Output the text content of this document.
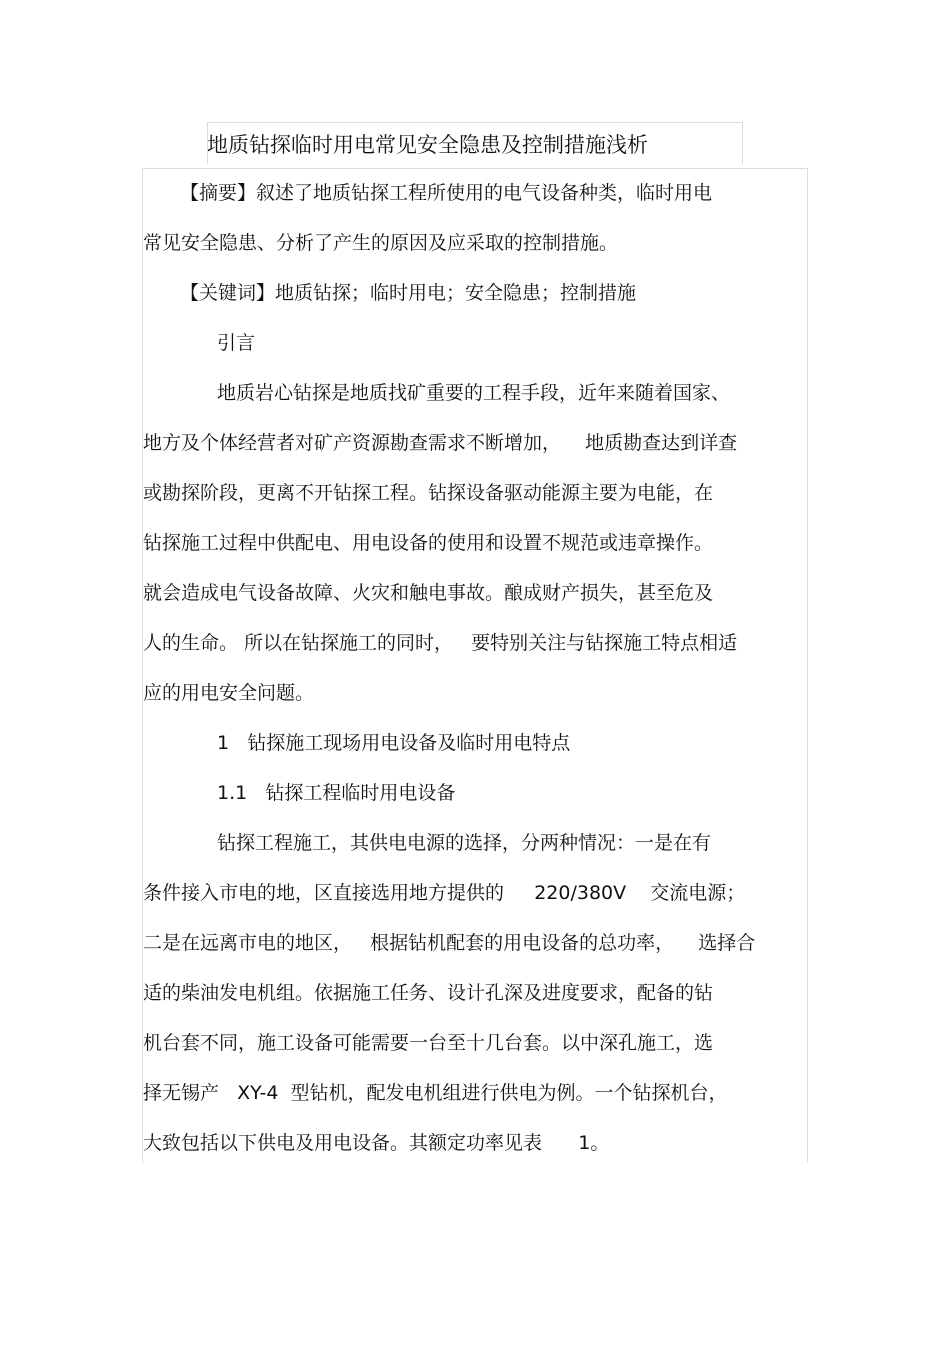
地质钻探临时用电常见安全隐患及控制措施浅析
【摘要】叙述了地质钻探工程所使用的电气设备种类，临时用电
常见安全隐患、分析了产生的原因及应采取的控制措施。
【关键词】地质钻探；临时用电；安全隐患；控制措施
引言
地质岩心钻探是地质找矿重要的工程手段，近年来随着国家、
地方及个体经营者对矿产资源勘查需求不断增加，    地质勘查达到详查
或勘探阶段，更离不开钻探工程。钻探设备驱动能源主要为电能，在
钻探施工过程中供配电、用电设备的使用和设置不规范或违章操作。
就会造成电气设备故障、火灾和触电事故。酿成财产损失，甚至危及
人的生命。 所以在钻探施工的同时，   要特别关注与钻探施工特点相适
应的用电安全问题。
1   钻探施工现场用电设备及临时用电特点
1.1   钻探工程临时用电设备
钻探工程施工，其供电电源的选择，分两种情况：一是在有
条件接入市电的地，区直接选用地方提供的     220/380V    交流电源；
二是在远离市电的地区，   根据钻机配套的用电设备的总功率，    选择合
适的柴油发电机组。依据施工任务、设计孔深及进度要求，配备的钻
机台套不同，施工设备可能需要一台至十几台套。以中深孔施工，选
择无锡产   XY-4  型钻机，配发电机组进行供电为例。一个钻探机台，
大致包括以下供电及用电设备。其额定功率见表      1。
